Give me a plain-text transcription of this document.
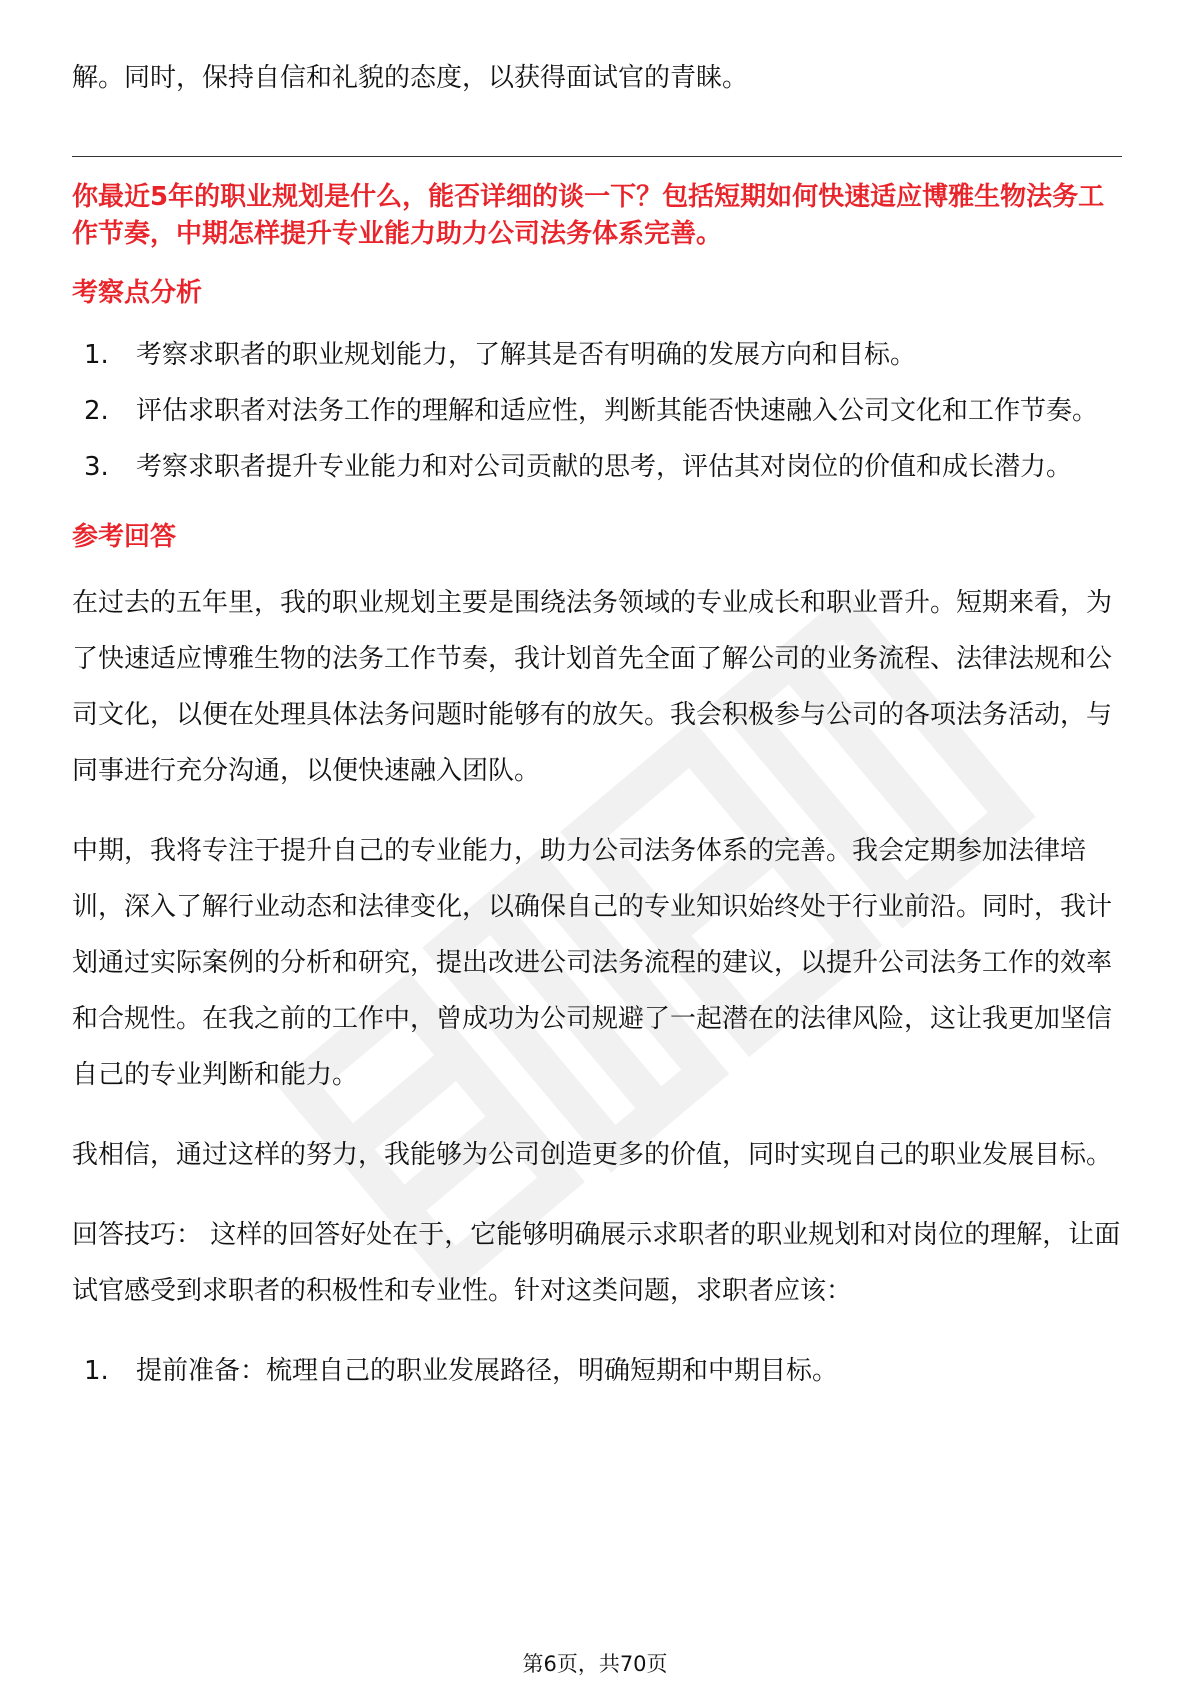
解。同时，保持自信和礼貌的态度，以获得面试官的青睐。

你最近5年的职业规划是什么，能否详细的谈一下？包括短期如何快速适应博雅生物法务工作节奏，中期怎样提升专业能力助力公司法务体系完善。

考察点分析
1.	考察求职者的职业规划能力，了解其是否有明确的发展方向和目标。
2.	评估求职者对法务工作的理解和适应性，判断其能否快速融入公司文化和工作节奏。
3.	考察求职者提升专业能力和对公司贡献的思考，评估其对岗位的价值和成长潜力。
参考回答

在过去的五年里，我的职业规划主要是围绕法务领域的专业成长和职业晋升。短期来看，为了快速适应博雅生物的法务工作节奏，我计划首先全面了解公司的业务流程、法律法规和公司文化，以便在处理具体法务问题时能够有的放矢。我会积极参与公司的各项法务活动，与同事进行充分沟通，以便快速融入团队。

中期，我将专注于提升自己的专业能力，助力公司法务体系的完善。我会定期参加法律培训，深入了解行业动态和法律变化，以确保自己的专业知识始终处于行业前沿。同时，我计划通过实际案例的分析和研究，提出改进公司法务流程的建议，以提升公司法务工作的效率和合规性。在我之前的工作中，曾成功为公司规避了一起潜在的法律风险，这让我更加坚信自己的专业判断和能力。

我相信，通过这样的努力，我能够为公司创造更多的价值，同时实现自己的职业发展目标。

回答技巧： 这样的回答好处在于，它能够明确展示求职者的职业规划和对岗位的理解，让面试官感受到求职者的积极性和专业性。针对这类问题，求职者应该：

1.	提前准备：梳理自己的职业发展路径，明确短期和中期目标。
第6页，共70页
